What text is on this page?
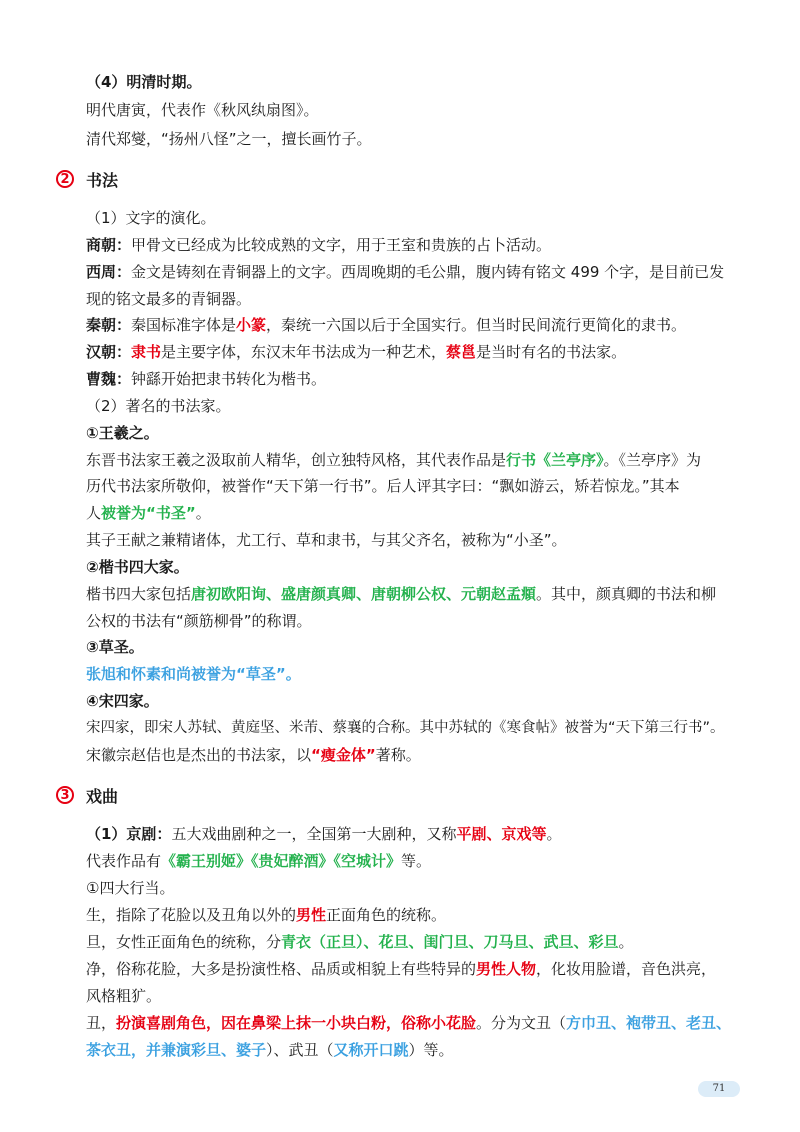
（4）明清时期。
明代唐寅，代表作《秋风纨扇图》。
清代郑燮，“扬州八怪”之一，擅长画竹子。
2 书法
（1）文字的演化。
商朝：甲骨文已经成为比较成熟的文字，用于王室和贵族的占卜活动。
西周：金文是铸刻在青铜器上的文字。西周晚期的毛公鼎，腹内铸有铭文 499 个字，是目前已发
现的铭文最多的青铜器。
秦朝：秦国标准字体是小篆，秦统一六国以后于全国实行。但当时民间流行更简化的隶书。
汉朝：隶书是主要字体，东汉末年书法成为一种艺术，蔡邕是当时有名的书法家。
曹魏：钟繇开始把隶书转化为楷书。
（2）著名的书法家。
①王羲之。
东晋书法家王羲之汲取前人精华，创立独特风格，其代表作品是行书《兰亭序》。《兰亭序》为
历代书法家所敬仰，被誉作“天下第一行书”。后人评其字曰：“飘如游云，矫若惊龙。”其本
人被誉为“书圣”。
其子王献之兼精诸体，尤工行、草和隶书，与其父齐名，被称为“小圣”。
②楷书四大家。
楷书四大家包括唐初欧阳询、盛唐颜真卿、唐朝柳公权、元朝赵孟頫。其中，颜真卿的书法和柳
公权的书法有“颜筋柳骨”的称谓。
③草圣。
张旭和怀素和尚被誉为“草圣”。
④宋四家。
宋四家，即宋人苏轼、黄庭坚、米芾、蔡襄的合称。其中苏轼的《寒食帖》被誉为“天下第三行书”。
宋徽宗赵佶也是杰出的书法家，以“瘦金体”著称。
3 戏曲
（1）京剧：五大戏曲剧种之一，全国第一大剧种，又称平剧、京戏等。
代表作品有《霸王别姬》《贵妃醉酒》《空城计》等。
①四大行当。
生，指除了花脸以及丑角以外的男性正面角色的统称。
旦，女性正面角色的统称，分青衣（正旦）、花旦、闺门旦、刀马旦、武旦、彩旦。
净，俗称花脸，大多是扮演性格、品质或相貌上有些特异的男性人物，化妆用脸谱，音色洪亮，
风格粗犷。
丑，扮演喜剧角色，因在鼻梁上抹一小块白粉，俗称小花脸。分为文丑（方巾丑、袍带丑、老丑、
茶衣丑，并兼演彩旦、婆子）、武丑（又称开口跳）等。
71
